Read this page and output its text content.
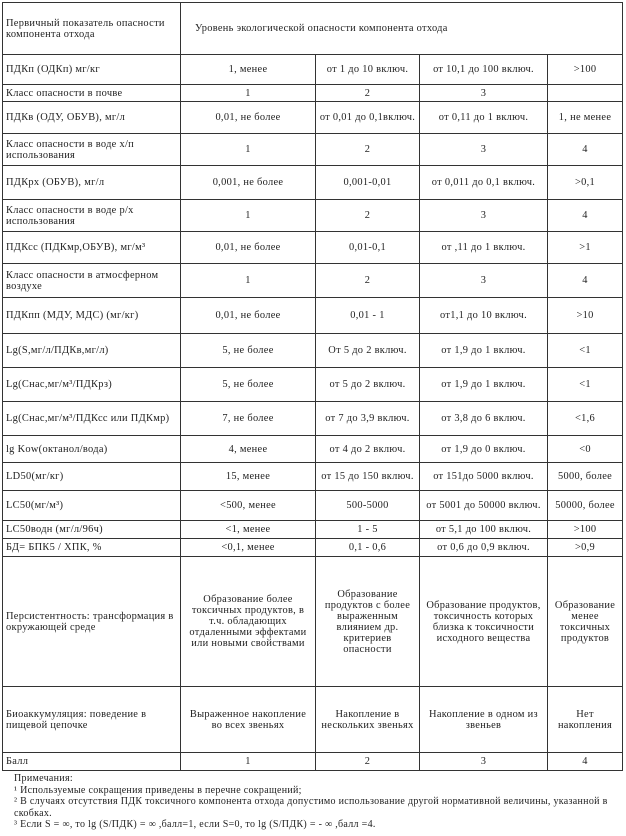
Первичный показатель опасности компонента отхода	Уровень экологической опасности компонента отхода			
ПДКп (ОДКп) мг/кг	1, менее	от 1 до 10 включ.	от 10,1 до 100 включ.	>100
Класс опасности в почве	1	2	3	
ПДКв (ОДУ, ОБУВ), мг/л	0,01, не более	от 0,01 до 0,1включ.	от 0,11 до 1 включ.	1, не менее
Класс опасности в воде х/п использования	1	2	3	4
ПДКрх (ОБУВ), мг/л	0,001, не более	0,001-0,01	от 0,011 до 0,1 включ.	>0,1
Класс опасности в воде р/х использования	1	2	3	4
ПДКсс (ПДКмр,ОБУВ), мг/м³	0,01, не более	0,01-0,1	от ,11 до 1 включ.	>1
Класс опасности в атмосферном воздухе	1	2	3	4
ПДКпп (МДУ, МДС) (мг/кг)	0,01, не более	0,01 - 1	от1,1 до 10 включ.	>10
Lg(S,мг/л/ПДКв,мг/л)	5, не более	От 5 до 2 включ.	от 1,9 до 1 включ.	<1
Lg(Снас,мг/м³/ПДКрз)	5, не более	от 5 до 2 включ.	от 1,9 до 1 включ.	<1
Lg(Снас,мг/м³/ПДКсс или ПДКмр)	7, не более	от 7 до 3,9 включ.	от 3,8 до 6 включ.	<1,6
lg Kow(октанол/вода)	4, менее	от 4 до 2 включ.	от 1,9 до 0 включ.	<0
LD50(мг/кг)	15, менее	от 15 до 150 включ.	от 151до 5000 включ.	5000, более
LC50(мг/м³)	<500, менее	500-5000	от 5001 до 50000 включ.	50000, более
LC50водн (мг/л/96ч)	<1, менее	1 - 5	от 5,1 до 100 включ.	>100
БД= БПК5 / ХПК, %	<0,1, менее	0,1 - 0,6	от 0,6 до 0,9 включ.	>0,9
Персистентность: трансформация в окружающей среде	Образование более токсичных продуктов, в т.ч. обладающих отдаленными эффектами или новыми свойствами	Образование продуктов с более выраженным влиянием др. критериев опасности	Образование продуктов, токсичность которых близка к токсичности исходного вещества	Образование менее токсичных продуктов
Биоаккумуляция: поведение в пищевой цепочке	Выраженное накопление во всех звеньях	Накопление в нескольких звеньях	Накопление в одном из звеньев	Нет накопления
Балл	1	2	3	4
Примечания:
¹ Используемые сокращения приведены в перечне сокращений;
² В случаях отсутствия ПДК токсичного компонента отхода допустимо использование другой нормативной величины, указанной в скобках.
³ Если S = ∞, то lg (S/ПДК) = ∞ ,балл=1, если S=0, то lg (S/ПДК) = - ∞ ,балл =4.
